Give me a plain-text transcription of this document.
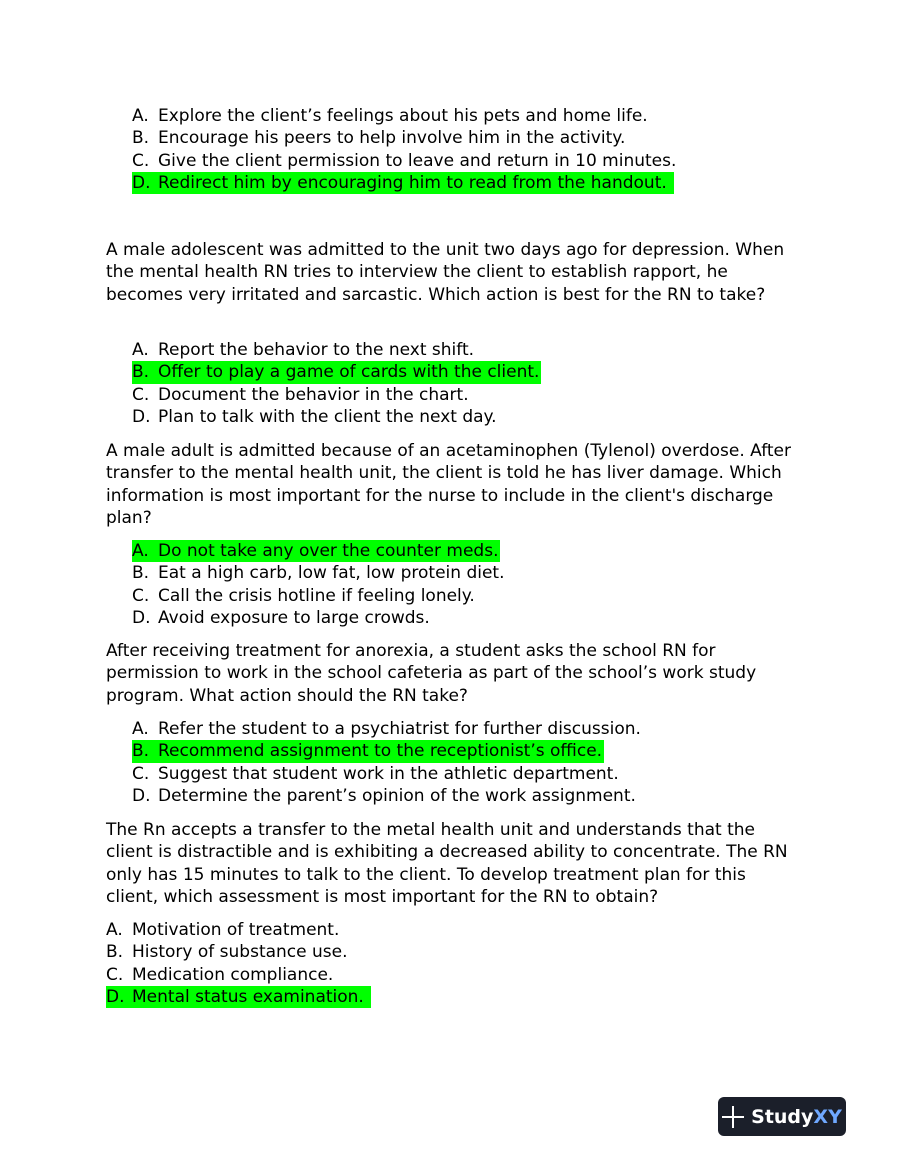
A. Explore the client’s feelings about his pets and home life.
B. Encourage his peers to help involve him in the activity.
C. Give the client permission to leave and return in 10 minutes.
D. Redirect him by encouraging him to read from the handout.

A male adolescent was admitted to the unit two days ago for depression. When the mental health RN tries to interview the client to establish rapport, he becomes very irritated and sarcastic. Which action is best for the RN to take?

A. Report the behavior to the next shift.
B. Offer to play a game of cards with the client.
C. Document the behavior in the chart.
D. Plan to talk with the client the next day.

A male adult is admitted because of an acetaminophen (Tylenol) overdose. After transfer to the mental health unit, the client is told he has liver damage. Which information is most important for the nurse to include in the client's discharge plan?

A. Do not take any over the counter meds.
B. Eat a high carb, low fat, low protein diet.
C. Call the crisis hotline if feeling lonely.
D. Avoid exposure to large crowds.

After receiving treatment for anorexia, a student asks the school RN for permission to work in the school cafeteria as part of the school’s work study program. What action should the RN take?

A. Refer the student to a psychiatrist for further discussion.
B. Recommend assignment to the receptionist’s office.
C. Suggest that student work in the athletic department.
D. Determine the parent’s opinion of the work assignment.

The Rn accepts a transfer to the metal health unit and understands that the client is distractible and is exhibiting a decreased ability to concentrate. The RN only has 15 minutes to talk to the client. To develop treatment plan for this client, which assessment is most important for the RN to obtain?

A. Motivation of treatment.
B. History of substance use.
C. Medication compliance.
D. Mental status examination.
StudyXY
